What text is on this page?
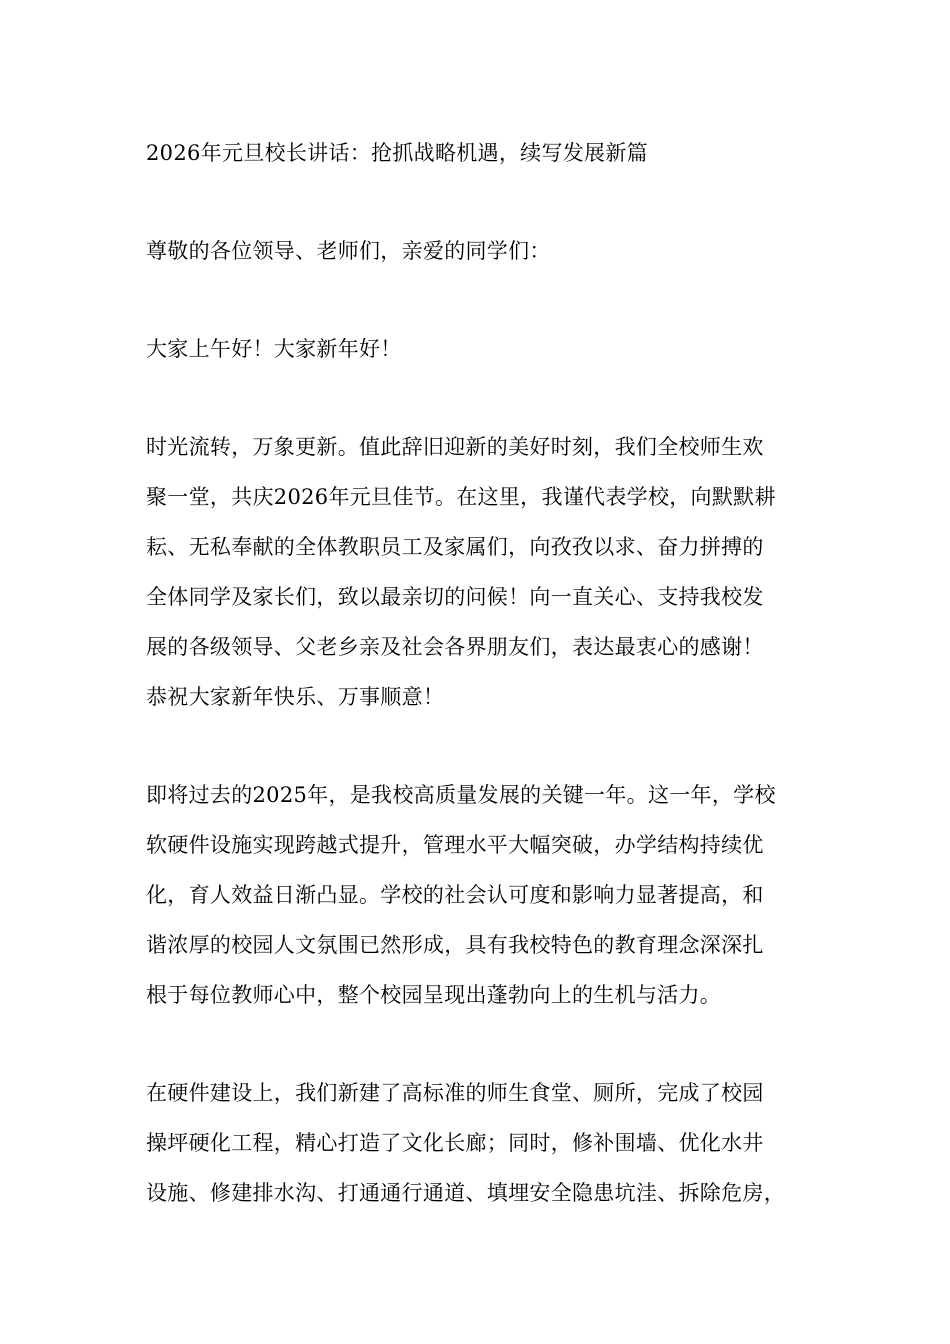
2026年元旦校长讲话：抢抓战略机遇，续写发展新篇
尊敬的各位领导、老师们，亲爱的同学们：
大家上午好！大家新年好！
时光流转，万象更新。值此辞旧迎新的美好时刻，我们全校师生欢
聚一堂，共庆2026年元旦佳节。在这里，我谨代表学校，向默默耕
耘、无私奉献的全体教职员工及家属们，向孜孜以求、奋力拼搏的
全体同学及家长们，致以最亲切的问候！向一直关心、支持我校发
展的各级领导、父老乡亲及社会各界朋友们，表达最衷心的感谢！
恭祝大家新年快乐、万事顺意！
即将过去的2025年，是我校高质量发展的关键一年。这一年，学校
软硬件设施实现跨越式提升，管理水平大幅突破，办学结构持续优
化，育人效益日渐凸显。学校的社会认可度和影响力显著提高，和
谐浓厚的校园人文氛围已然形成，具有我校特色的教育理念深深扎
根于每位教师心中，整个校园呈现出蓬勃向上的生机与活力。
在硬件建设上，我们新建了高标准的师生食堂、厕所，完成了校园
操坪硬化工程，精心打造了文化长廊；同时，修补围墙、优化水井
设施、修建排水沟、打通通行通道、填埋安全隐患坑洼、拆除危房，
